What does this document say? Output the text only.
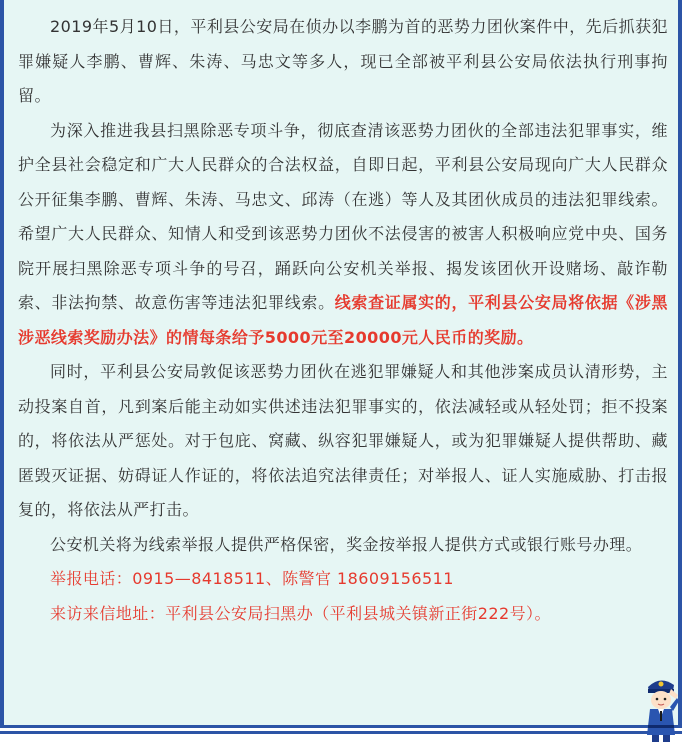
2019年5月10日，平利县公安局在侦办以李鹏为首的恶势力团伙案件中，先后抓获犯罪嫌疑人李鹏、曹辉、朱涛、马忠文等多人，现已全部被平利县公安局依法执行刑事拘留。

为深入推进我县扫黑除恶专项斗争，彻底查清该恶势力团伙的全部违法犯罪事实，维护全县社会稳定和广大人民群众的合法权益，自即日起，平利县公安局现向广大人民群众公开征集李鹏、曹辉、朱涛、马忠文、邱涛（在逃）等人及其团伙成员的违法犯罪线索。希望广大人民群众、知情人和受到该恶势力团伙不法侵害的被害人积极响应党中央、国务院开展扫黑除恶专项斗争的号召，踊跃向公安机关举报、揭发该团伙开设赌场、敲诈勒索、非法拘禁、故意伤害等违法犯罪线索。线索查证属实的，平利县公安局将依据《涉黑涉恶线索奖励办法》的情每条给予5000元至20000元人民币的奖励。

同时，平利县公安局敦促该恶势力团伙在逃犯罪嫌疑人和其他涉案成员认清形势，主动投案自首，凡到案后能主动如实供述违法犯罪事实的，依法减轻或从轻处罚；拒不投案的，将依法从严惩处。对于包庇、窝藏、纵容犯罪嫌疑人，或为犯罪嫌疑人提供帮助、藏匿毁灭证据、妨碍证人作证的，将依法追究法律责任；对举报人、证人实施威胁、打击报复的，将依法从严打击。

公安机关将为线索举报人提供严格保密，奖金按举报人提供方式或银行账号办理。

举报电话：0915—8418511、陈警官 18609156511

来访来信地址：平利县公安局扫黑办（平利县城关镇新正街222号）。
